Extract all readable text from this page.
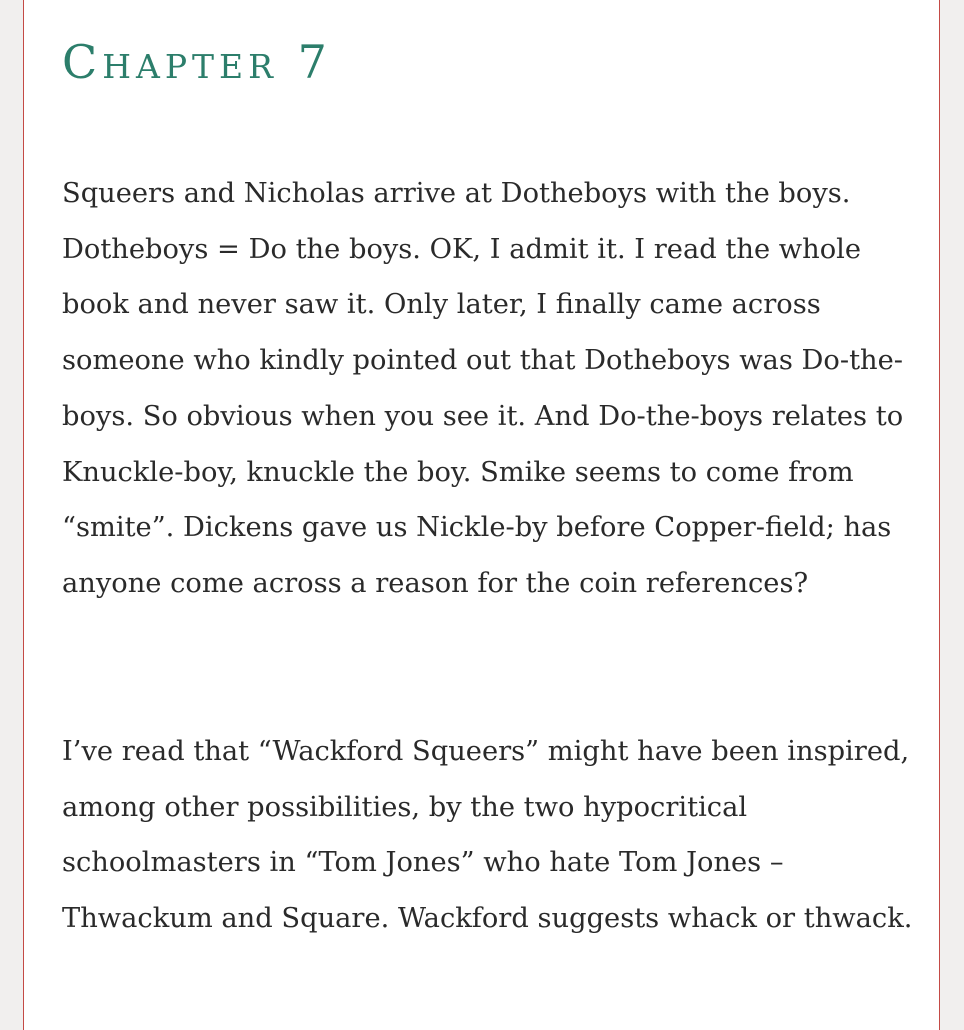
CHAPTER 7

Squeers and Nicholas arrive at Dotheboys with the boys. Dotheboys = Do the boys. OK, I admit it. I read the whole book and never saw it. Only later, I finally came across someone who kindly pointed out that Dotheboys was Do-the-boys. So obvious when you see it. And Do-the-boys relates to Knuckle-boy, knuckle the boy. Smike seems to come from “smite”. Dickens gave us Nickle-by before Copper-field; has anyone come across a reason for the coin references?

I’ve read that “Wackford Squeers” might have been inspired, among other possibilities, by the two hypocritical schoolmasters in “Tom Jones” who hate Tom Jones – Thwackum and Square. Wackford suggests whack or thwack.
